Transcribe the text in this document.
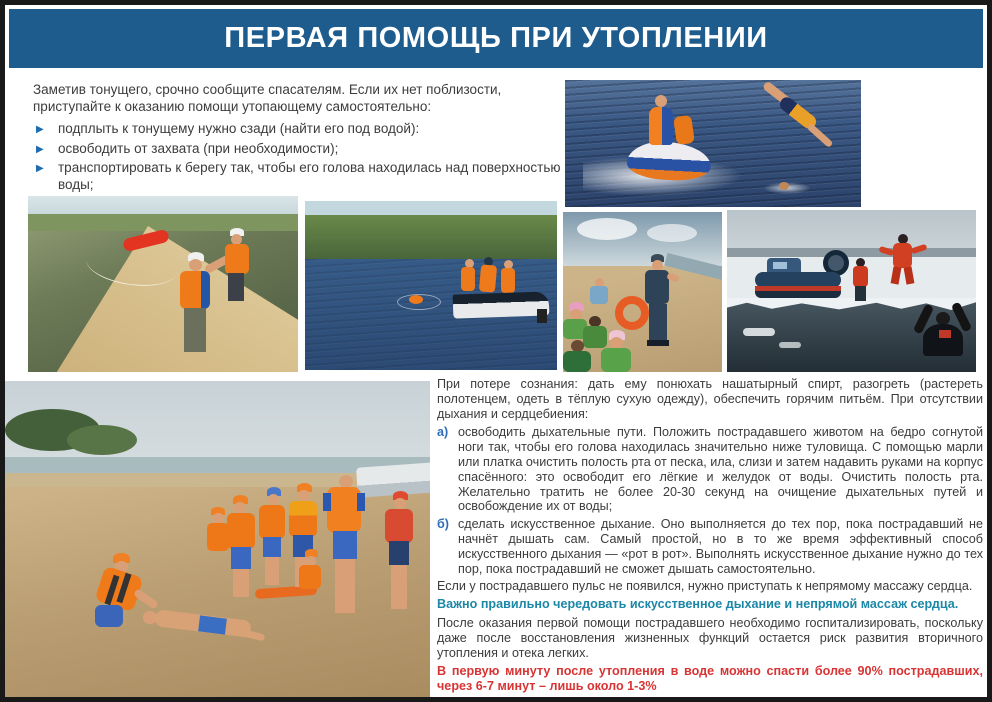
ПЕРВАЯ ПОМОЩЬ ПРИ УТОПЛЕНИИ

Заметив тонущего, срочно сообщите спасателям. Если их нет поблизости, приступайте к оказанию помощи утопающему самостоятельно:

▶ подплыть к тонущему нужно сзади (найти его под водой):
▶ освободить от захвата (при необходимости);
▶ транспортировать к берегу так, чтобы его голова находилась над поверхностью воды;

При потере сознания: дать ему понюхать нашатырный спирт, разогреть (растереть полотенцем, одеть в тёплую сухую одежду), обеспечить горячим питьём. При отсутствии дыхания и сердцебиения:

а) освободить дыхательные пути. Положить пострадавшего животом на бедро согнутой ноги так, чтобы его голова находилась значительно ниже туловища. С помощью марли или платка очистить полость рта от песка, ила, слизи и затем надавить руками на корпус спасённого: это освободит его лёгкие и желудок от воды. Очистить полость рта. Желательно тратить не более 20-30 секунд на очищение дыхательных путей и освобождение их от воды;
б) сделать искусственное дыхание. Оно выполняется до тех пор, пока пострадавший не начнёт дышать сам. Самый простой, но в то же время эффективный способ искусственного дыхания — «рот в рот». Выполнять искусственное дыхание нужно до тех пор, пока пострадавший не сможет дышать самостоятельно.

Если у пострадавшего пульс не появился, нужно приступать к непрямому массажу сердца.

Важно правильно чередовать искусственное дыхание и непрямой массаж сердца.

После оказания первой помощи пострадавшего необходимо госпитализировать, поскольку даже после восстановления жизненных функций остается риск развития вторичного утопления и отека легких.

В первую минуту после утопления в воде можно спасти более 90% пострадавших, через 6-7 минут – лишь около 1-3%
